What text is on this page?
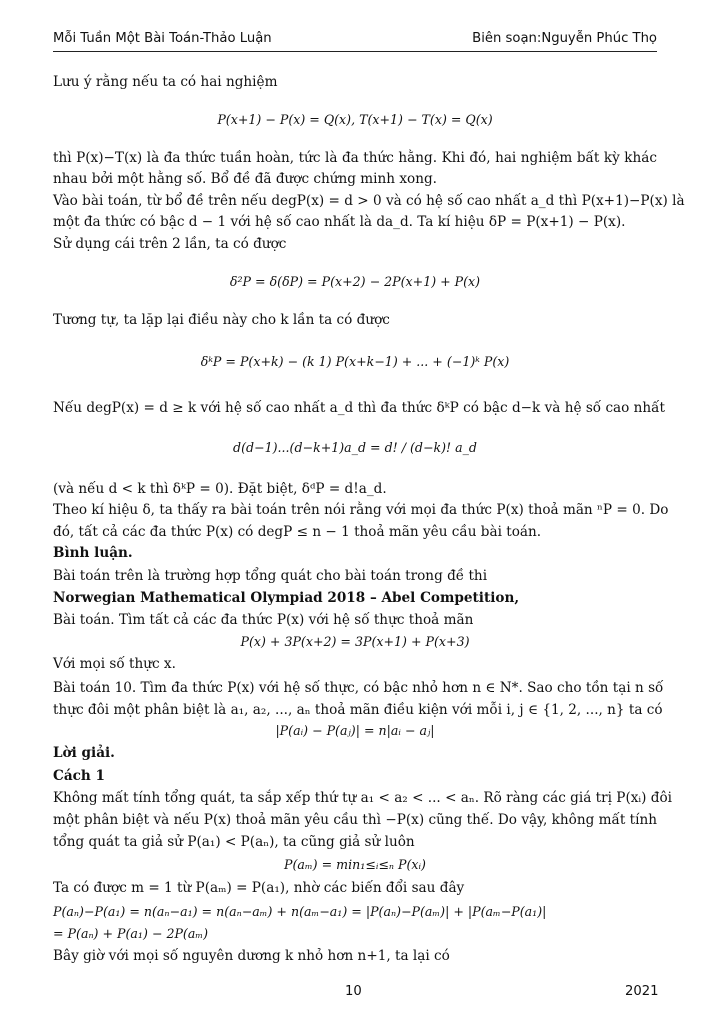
Mỗi Tuần Một Bài Toán-Thảo Luận	Biên soạn:Nguyễn Phúc Thọ
Lưu ý rằng nếu ta có hai nghiệm
P(x+1) − P(x) = Q(x), T(x+1) − T(x) = Q(x)
thì P(x)−T(x) là đa thức tuần hoàn, tức là đa thức hằng. Khi đó, hai nghiệm bất kỳ khác
nhau bởi một hằng số. Bổ đề đã được chứng minh xong.
Vào bài toán, từ bổ đề trên nếu degP(x) = d > 0 và có hệ số cao nhất a_d thì P(x+1)−P(x) là
một đa thức có bậc d − 1 với hệ số cao nhất là da_d. Ta kí hiệu δP = P(x+1) − P(x).
Sử dụng cái trên 2 lần, ta có được
δ²P = δ(δP) = P(x+2) − 2P(x+1) + P(x)
Tương tự, ta lặp lại điều này cho k lần ta có được
δᵏP = P(x+k) − (k 1) P(x+k−1) + ... + (−1)ᵏ P(x)
Nếu degP(x) = d ≥ k với hệ số cao nhất a_d thì đa thức δᵏP có bậc d−k và hệ số cao nhất
d(d−1)...(d−k+1)a_d = d! / (d−k)! a_d
(và nếu d < k thì δᵏP = 0). Đặt biệt, δᵈP = d!a_d.
Theo kí hiệu δ, ta thấy ra bài toán trên nói rằng với mọi đa thức P(x) thoả mãn ⁿP = 0. Do
đó, tất cả các đa thức P(x) có degP ≤ n − 1 thoả mãn yêu cầu bài toán.
Bình luận.
Bài toán trên là trường hợp tổng quát cho bài toán trong đề thi
Norwegian Mathematical Olympiad 2018 – Abel Competition,
Bài toán. Tìm tất cả các đa thức P(x) với hệ số thực thoả mãn
P(x) + 3P(x+2) = 3P(x+1) + P(x+3)
Với mọi số thực x.
Bài toán 10. Tìm đa thức P(x) với hệ số thực, có bậc nhỏ hơn n ∈ N*. Sao cho tồn tại n số
thực đôi một phân biệt là a₁, a₂, ..., aₙ thoả mãn điều kiện với mỗi i, j ∈ {1, 2, ..., n} ta có
|P(aᵢ) − P(aⱼ)| = n|aᵢ − aⱼ|
Lời giải.
Cách 1
Không mất tính tổng quát, ta sắp xếp thứ tự a₁ < a₂ < ... < aₙ. Rõ ràng các giá trị P(xᵢ) đôi
một phân biệt và nếu P(x) thoả mãn yêu cầu thì −P(x) cũng thế. Do vậy, không mất tính
tổng quát ta giả sử P(a₁) < P(aₙ), ta cũng giả sử luôn
P(aₘ) = min₁≤ᵢ≤ₙ P(xᵢ)
Ta có được m = 1 từ P(aₘ) = P(a₁), nhờ các biến đổi sau đây
P(aₙ)−P(a₁) = n(aₙ−a₁) = n(aₙ−aₘ) + n(aₘ−a₁) = |P(aₙ)−P(aₘ)| + |P(aₘ−P(a₁)|
= P(aₙ) + P(a₁) − 2P(aₘ)
Bây giờ với mọi số nguyên dương k nhỏ hơn n+1, ta lại có
10	2021
